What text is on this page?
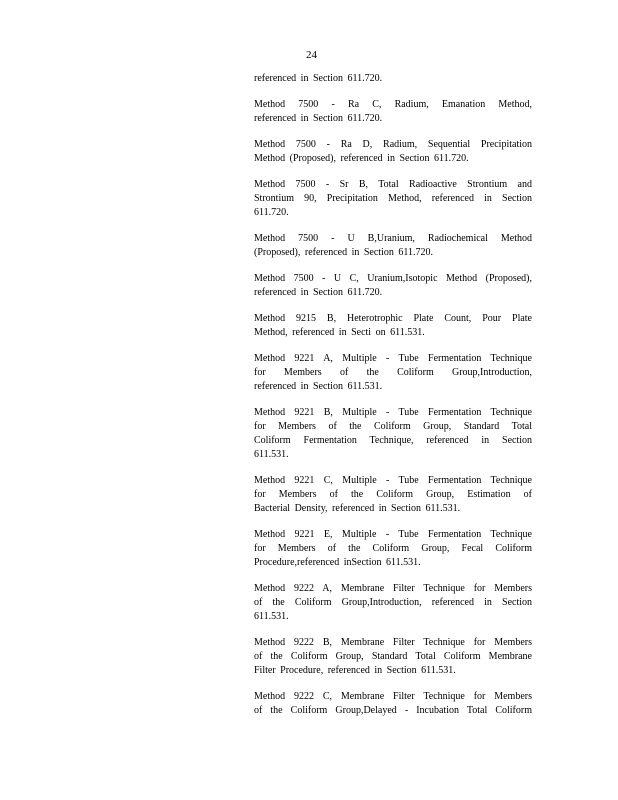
24
referenced in Section 611.720.
Method 7500 - Ra C, Radium, Emanation Method,
referenced in Section 611.720.
Method 7500 - Ra D, Radium, Sequential Precipitation
Method (Proposed), referenced in Section 611.720.
Method 7500 - Sr B, Total Radioactive Strontium and
Strontium 90, Precipitation Method, referenced in Section
611.720.
Method 7500 - U B,Uranium, Radiochemical Method
(Proposed), referenced in Section 611.720.
Method 7500 - U C, Uranium,Isotopic Method (Proposed),
referenced in Section 611.720.
Method 9215 B, Heterotrophic Plate Count, Pour Plate
Method, referenced in Secti on 611.531.
Method 9221 A, Multiple - Tube Fermentation Technique
for Members of the Coliform Group,Introduction,
referenced in Section 611.531.
Method 9221 B, Multiple - Tube Fermentation Technique
for Members of the Coliform Group, Standard Total
Coliform Fermentation Technique, referenced in Section
611.531.
Method 9221 C, Multiple - Tube Fermentation Technique
for Members of the Coliform Group, Estimation of
Bacterial Density, referenced in Section 611.531.
Method 9221 E, Multiple - Tube Fermentation Technique
for Members of the Coliform Group, Fecal Coliform
Procedure,referenced inSection 611.531.
Method 9222 A, Membrane Filter Technique for Members
of the Coliform Group,Introduction, referenced in Section
611.531.
Method 9222 B, Membrane Filter Technique for Members
of the Coliform Group, Standard Total Coliform Membrane
Filter Procedure, referenced in Section 611.531.
Method 9222 C, Membrane Filter Technique for Members
of the Coliform Group,Delayed - Incubation Total Coliform
